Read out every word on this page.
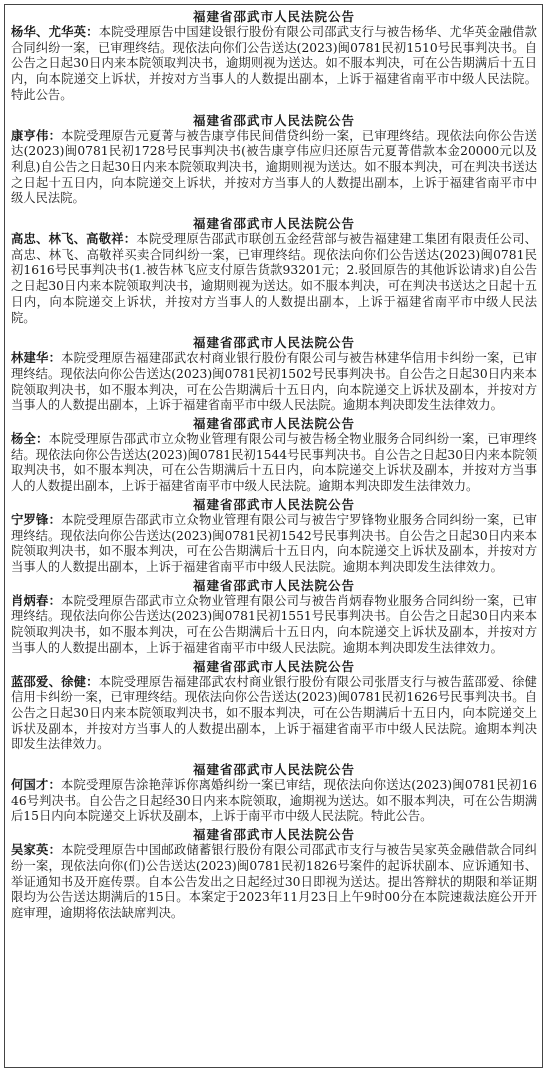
福建省邵武市人民法院公告

杨华、尤华英：本院受理原告中国建设银行股份有限公司邵武支行与被告杨华、尤华英金融借款合同纠纷一案，已审理终结。现依法向你们公告送达(2023)闽0781民初1510号民事判决书。自公告之日起30日内来本院领取判决书，逾期则视为送达。如不服本判决，可在公告期满后十五日内，向本院递交上诉状，并按对方当事人的人数提出副本，上诉于福建省南平市中级人民法院。特此公告。

福建省邵武市人民法院公告

康亨伟：本院受理原告元夏菁与被告康亨伟民间借贷纠纷一案，已审理终结。现依法向你公告送达(2023)闽0781民初1728号民事判决书(被告康亨伟应归还原告元夏菁借款本金20000元以及利息)自公告之日起30日内来本院领取判决书，逾期则视为送达。如不服本判决，可在判决书送达之日起十五日内，向本院递交上诉状，并按对方当事人的人数提出副本，上诉于福建省南平市中级人民法院。

福建省邵武市人民法院公告

高忠、林飞、高敬祥：本院受理原告邵武市联创五金经营部与被告福建建工集团有限责任公司、高忠、林飞、高敬祥买卖合同纠纷一案，已审理终结。现依法向你们公告送达(2023)闽0781民初1616号民事判决书(1.被告林飞应支付原告货款93201元；2.驳回原告的其他诉讼请求)自公告之日起30日内来本院领取判决书，逾期则视为送达。如不服本判决，可在判决书送达之日起十五日内，向本院递交上诉状，并按对方当事人的人数提出副本，上诉于福建省南平市中级人民法院。

福建省邵武市人民法院公告

林建华：本院受理原告福建邵武农村商业银行股份有限公司与被告林建华信用卡纠纷一案，已审理终结。现依法向你公告送达(2023)闽0781民初1502号民事判决书。自公告之日起30日内来本院领取判决书，如不服本判决，可在公告期满后十五日内，向本院递交上诉状及副本，并按对方当事人的人数提出副本，上诉于福建省南平市中级人民法院。逾期本判决即发生法律效力。

福建省邵武市人民法院公告

杨全：本院受理原告邵武市立众物业管理有限公司与被告杨全物业服务合同纠纷一案，已审理终结。现依法向你公告送达(2023)闽0781民初1544号民事判决书。自公告之日起30日内来本院领取判决书，如不服本判决，可在公告期满后十五日内，向本院递交上诉状及副本，并按对方当事人的人数提出副本，上诉于福建省南平市中级人民法院。逾期本判决即发生法律效力。

福建省邵武市人民法院公告

宁罗锋：本院受理原告邵武市立众物业管理有限公司与被告宁罗锋物业服务合同纠纷一案，已审理终结。现依法向你公告送达(2023)闽0781民初1542号民事判决书。自公告之日起30日内来本院领取判决书，如不服本判决，可在公告期满后十五日内，向本院递交上诉状及副本，并按对方当事人的人数提出副本，上诉于福建省南平市中级人民法院。逾期本判决即发生法律效力。

福建省邵武市人民法院公告

肖炳春：本院受理原告邵武市立众物业管理有限公司与被告肖炳春物业服务合同纠纷一案，已审理终结。现依法向你公告送达(2023)闽0781民初1551号民事判决书。自公告之日起30日内来本院领取判决书，如不服本判决，可在公告期满后十五日内，向本院递交上诉状及副本，并按对方当事人的人数提出副本，上诉于福建省南平市中级人民法院。逾期本判决即发生法律效力。

福建省邵武市人民法院公告

蓝邵爱、徐健：本院受理原告福建邵武农村商业银行股份有限公司张厝支行与被告蓝邵爱、徐健信用卡纠纷一案，已审理终结。现依法向你公告送达(2023)闽0781民初1626号民事判决书。自公告之日起30日内来本院领取判决书，如不服本判决，可在公告期满后十五日内，向本院递交上诉状及副本，并按对方当事人的人数提出副本，上诉于福建省南平市中级人民法院。逾期本判决即发生法律效力。

福建省邵武市人民法院公告

何国才：本院受理原告涂艳萍诉你离婚纠纷一案已审结，现依法向你送达(2023)闽0781民初1646号判决书。自公告之日起经30日内来本院领取，逾期视为送达。如不服本判决，可在公告期满后15日内向本院递交上诉状及副本，上诉于南平市中级人民法院。特此公告。

福建省邵武市人民法院公告

吴家英：本院受理原告中国邮政储蓄银行股份有限公司邵武市支行与被告吴家英金融借款合同纠纷一案，现依法向你(们)公告送达(2023)闽0781民初1826号案件的起诉状副本、应诉通知书、举证通知书及开庭传票。自本公告发出之日起经过30日即视为送达。提出答辩状的期限和举证期限均为公告送达期满后的15日。本案定于2023年11月23日上午9时00分在本院速裁法庭公开开庭审理，逾期将依法缺席判决。
